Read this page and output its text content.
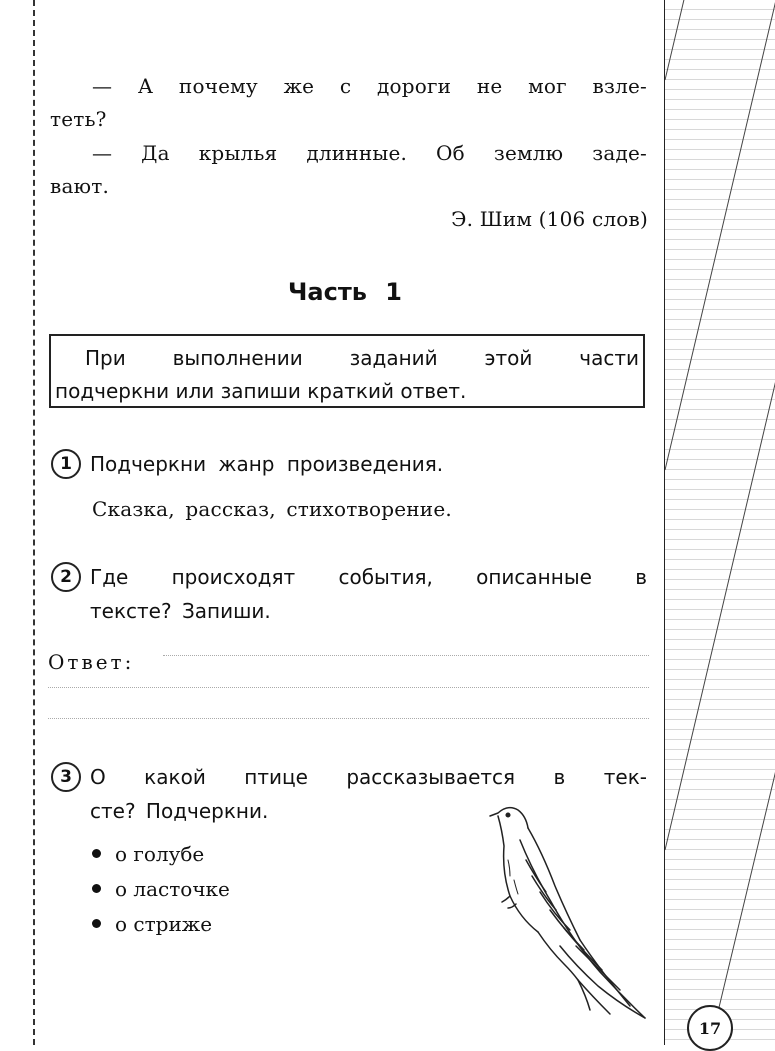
— А почему же с дороги не мог взле-

теть?

— Да крылья длинные. Об землю заде-

вают.

Э. Шим (106 слов)

Часть 1
При выполнении заданий этой части
подчеркни или запиши краткий ответ.
1 Подчеркни жанр произведения.

Сказка, рассказ, стихотворение.

2 Где происходят события, описанные в

тексте? Запиши.

Ответ:

3 О какой птице рассказывается в тек-

сте? Подчеркни.

о голубе
о ласточке
о стриже
17
